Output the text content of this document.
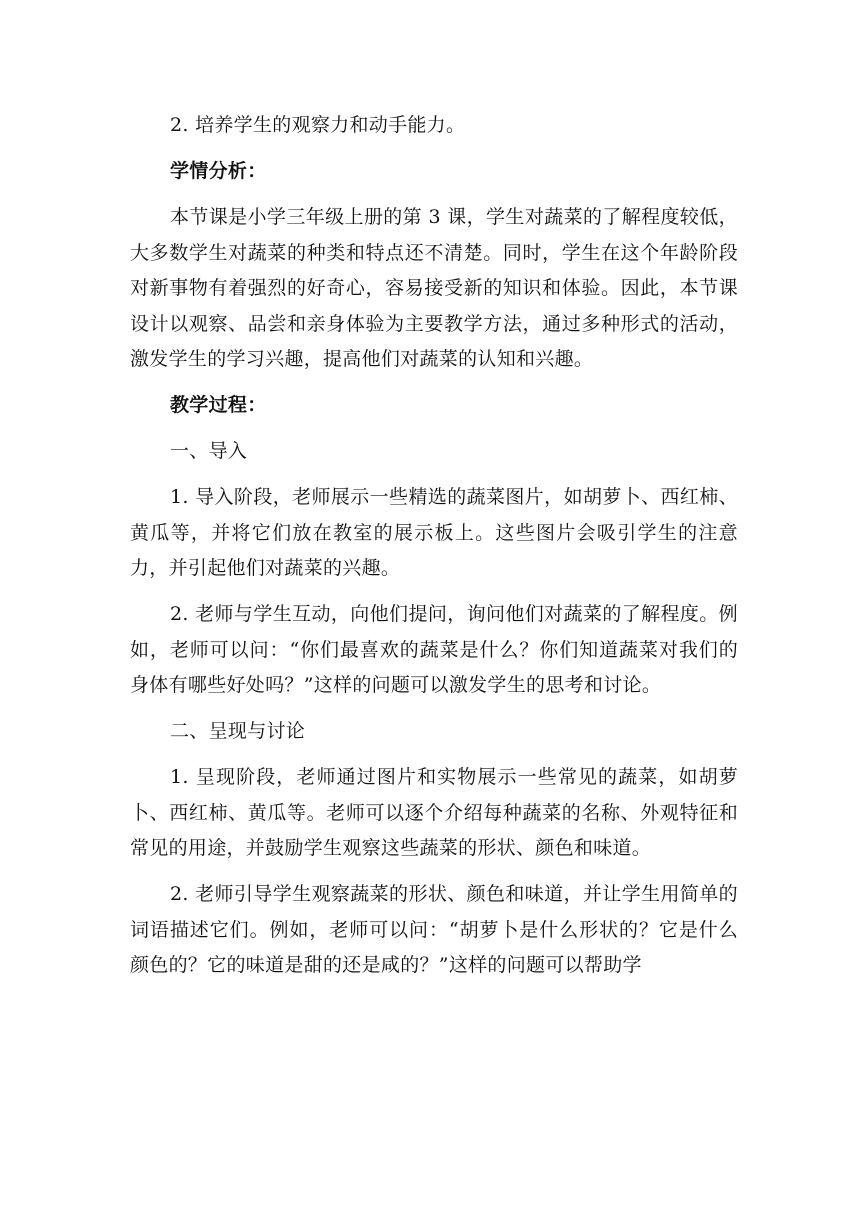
2. 培养学生的观察力和动手能力。

学情分析：

本节课是小学三年级上册的第 3 课，学生对蔬菜的了解程度较低，大多数学生对蔬菜的种类和特点还不清楚。同时，学生在这个年龄阶段对新事物有着强烈的好奇心，容易接受新的知识和体验。因此，本节课设计以观察、品尝和亲身体验为主要教学方法，通过多种形式的活动，激发学生的学习兴趣，提高他们对蔬菜的认知和兴趣。

教学过程：

一、导入

1. 导入阶段，老师展示一些精选的蔬菜图片，如胡萝卜、西红柿、黄瓜等，并将它们放在教室的展示板上。这些图片会吸引学生的注意力，并引起他们对蔬菜的兴趣。

2. 老师与学生互动，向他们提问，询问他们对蔬菜的了解程度。例如，老师可以问：“你们最喜欢的蔬菜是什么？你们知道蔬菜对我们的身体有哪些好处吗？”这样的问题可以激发学生的思考和讨论。

二、呈现与讨论

1. 呈现阶段，老师通过图片和实物展示一些常见的蔬菜，如胡萝卜、西红柿、黄瓜等。老师可以逐个介绍每种蔬菜的名称、外观特征和常见的用途，并鼓励学生观察这些蔬菜的形状、颜色和味道。

2. 老师引导学生观察蔬菜的形状、颜色和味道，并让学生用简单的词语描述它们。例如，老师可以问：“胡萝卜是什么形状的？它是什么颜色的？它的味道是甜的还是咸的？”这样的问题可以帮助学
